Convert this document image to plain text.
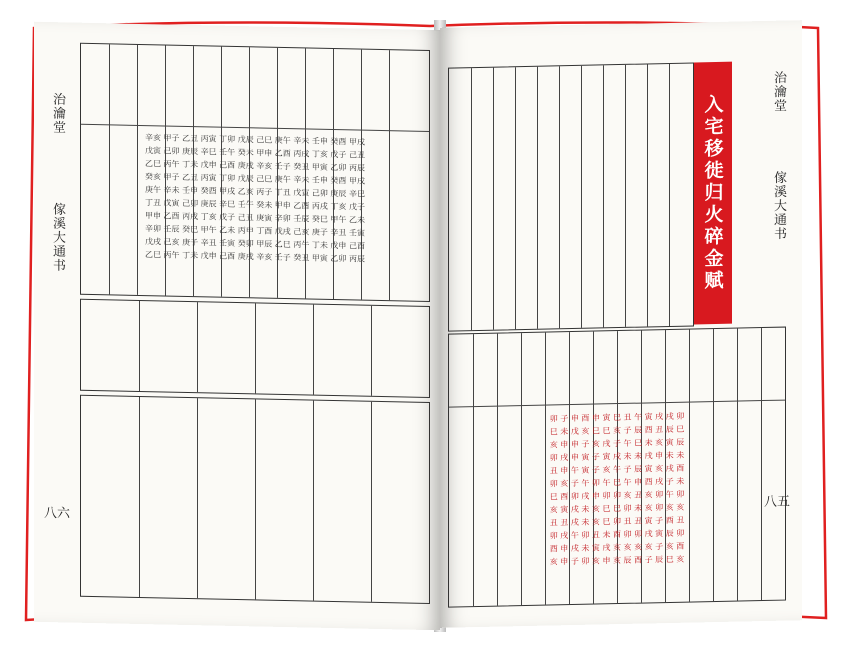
治瀹堂
傢溪大通书
辛亥 甲子 乙丑 丙寅 丁卯 戊辰 己巳 庚午 辛未 壬申 癸酉 甲戌
戊寅 己卯 庚辰 辛巳 壬午 癸未 甲申 乙酉 丙戌 丁亥 戊子 己丑
乙巳 丙午 丁未 戊申 己酉 庚戌 辛亥 壬子 癸丑 甲寅 乙卯 丙辰
癸亥 甲子 乙丑 丙寅 丁卯 戊辰 己巳 庚午 辛未 壬申 癸酉 甲戌
庚午 辛未 壬申 癸酉 甲戌 乙亥 丙子 丁丑 戊寅 己卯 庚辰 辛巳
丁丑 戊寅 己卯 庚辰 辛巳 壬午 癸未 甲申 乙酉 丙戌 丁亥 戊子
甲申 乙酉 丙戌 丁亥 戊子 己丑 庚寅 辛卯 壬辰 癸巳 甲午 乙未
辛卯 壬辰 癸巳 甲午 乙未 丙申 丁酉 戊戌 己亥 庚子 辛丑 壬寅
戊戌 己亥 庚子 辛丑 壬寅 癸卯 甲辰 乙巳 丙午 丁未 戊申 己酉
乙巳 丙午 丁未 戊申 己酉 庚戌 辛亥 壬子 癸丑 甲寅 乙卯 丙辰
八六
治瀹堂
傢溪大通书
入宅移徙归火碎金赋
卯 子 申 酉 申 寅 巳 丑 午 寅 戌 戌 卯
巳 未 戊 亥 巳 巳 亥 子 辰 酉 丑 辰 巳
亥 申 申 子 亥 戌 子 午 巳 未 亥 寅 辰
卯 戌 申 寅 子 寅 戌 未 未 戌 申 未 未
丑 申 午 寅 子 亥 午 子 辰 寅 亥 戌 酉
卯 亥 子 午 卯 午 巳 午 申 酉 戌 子 未
巳 酉 卯 戌 申 卯 卯 亥 丑 亥 卯 午 卯
亥 寅 戌 未 亥 巳 巳 卯 未 亥 卯 亥 亥
丑 丑 戌 未 亥 巳 卯 丑 丑 寅 子 酉 丑
卯 戌 午 卯 丑 未 酉 卯 卯 戌 寅 辰 卯
酉 申 戌 未 寅 戌 亥 亥 亥 亥 子 亥 酉
亥 申 子 卯 亥 申 亥 辰 酉 子 辰 巳 亥
八五
